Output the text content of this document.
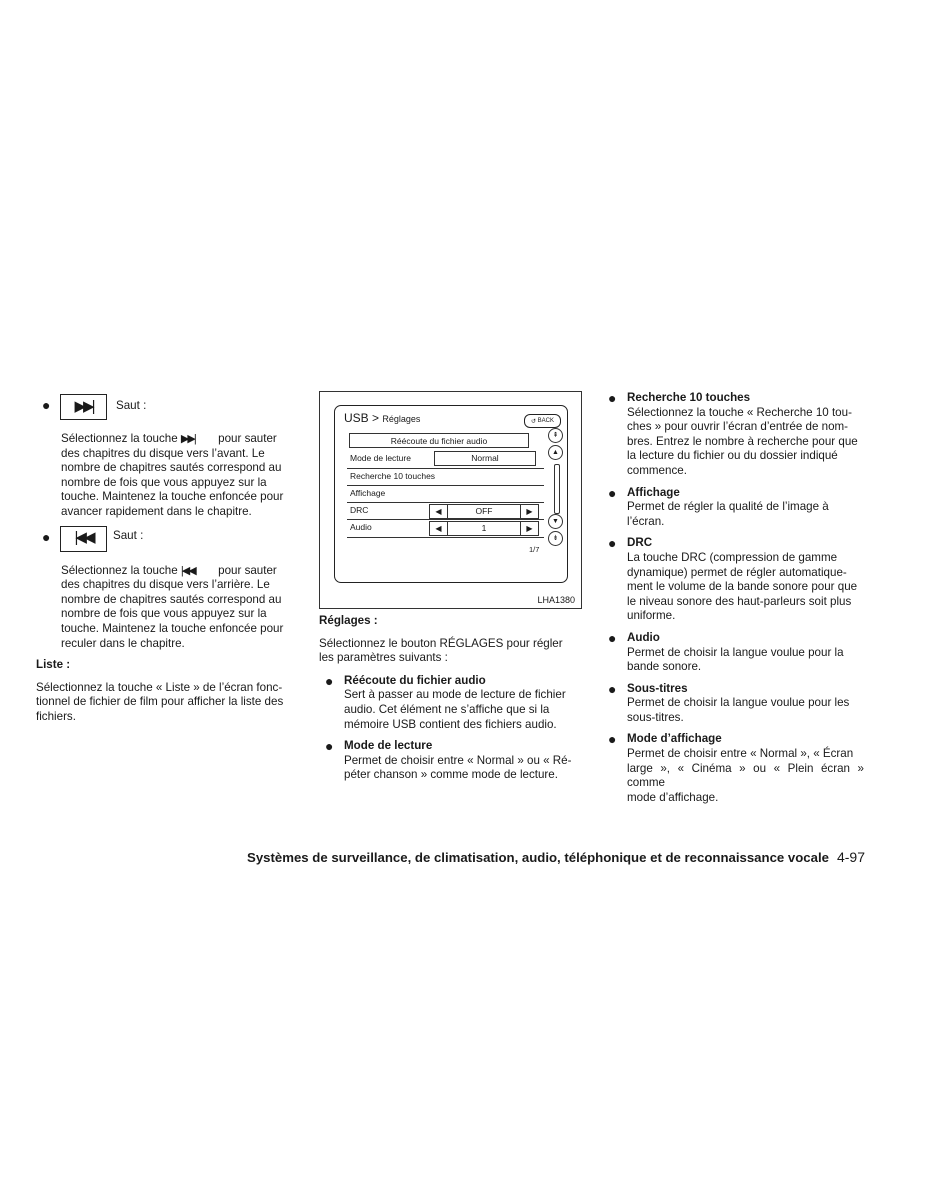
●	▶▶|	Saut :

Sélectionnez la touche ▶▶| pour sauter

des chapitres du disque vers l’avant. Le

nombre de chapitres sautés correspond au

nombre de fois que vous appuyez sur la

touche. Maintenez la touche enfoncée pour

avancer rapidement dans le chapitre.

●	|◀◀	Saut :

Sélectionnez la touche |◀◀ pour sauter

des chapitres du disque vers l’arrière. Le

nombre de chapitres sautés correspond au

nombre de fois que vous appuyez sur la

touche. Maintenez la touche enfoncée pour

reculer dans le chapitre.

Liste :

Sélectionnez la touche « Liste » de l’écran fonc-

tionnel de fichier de film pour afficher la liste des

fichiers.

USB > Réglages	↺ BACK
Réécoute du fichier audio
Mode de lecture	Normal
Recherche 10 touches
Affichage
DRC	◀	OFF	▶
Audio	◀	1	▶
⇞
▲
▼
⇟
1/7
LHA1380
Réglages :

Sélectionnez le bouton RÉGLAGES pour régler

les paramètres suivants :

● Réécoute du fichier audio

Sert à passer au mode de lecture de fichier

audio. Cet élément ne s’affiche que si la

mémoire USB contient des fichiers audio.

● Mode de lecture

Permet de choisir entre « Normal » ou « Ré-

péter chanson » comme mode de lecture.

● Recherche 10 touches

Sélectionnez la touche « Recherche 10 tou-

ches » pour ouvrir l’écran d’entrée de nom-

bres. Entrez le nombre à recherche pour que

la lecture du fichier ou du dossier indiqué

commence.

● Affichage

Permet de régler la qualité de l’image à

l’écran.

● DRC

La touche DRC (compression de gamme

dynamique) permet de régler automatique-

ment le volume de la bande sonore pour que

le niveau sonore des haut-parleurs soit plus

uniforme.

● Audio

Permet de choisir la langue voulue pour la

bande sonore.

● Sous-titres

Permet de choisir la langue voulue pour les

sous-titres.

● Mode d’affichage

Permet de choisir entre « Normal », « Écran

large », « Cinéma » ou « Plein écran » comme

mode d’affichage.

Systèmes de surveillance, de climatisation, audio, téléphonique et de reconnaissance vocale 4-97
